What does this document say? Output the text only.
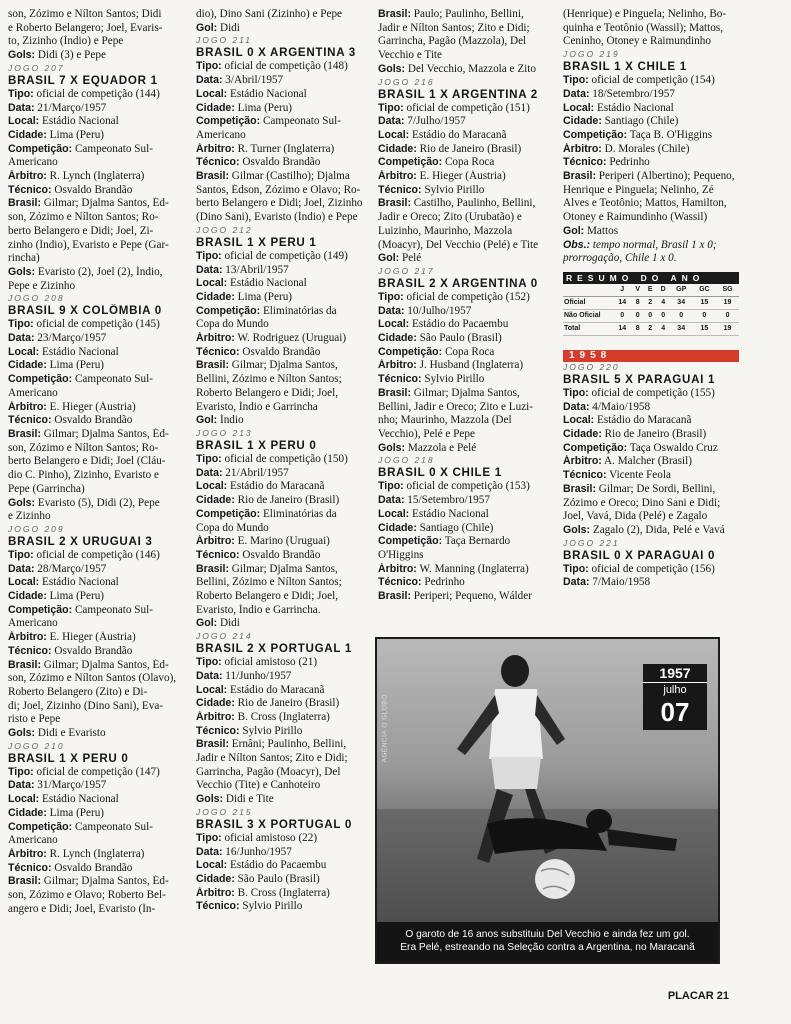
son, Zózimo e Nílton Santos; Didi
e Roberto Belangero; Joel, Evaris-
to, Zizinho (Índio) e Pepe
Gols: Didi (3) e Pepe
JOGO 207
BRASIL 7 X EQUADOR 1
Tipo: oficial de competição (144)
Data: 21/Março/1957
Local: Estádio Nacional
Cidade: Lima (Peru)
Competição: Campeonato Sul-
Americano
Árbitro: R. Lynch (Inglaterra)
Técnico: Osvaldo Brandão
Brasil: Gilmar; Djalma Santos, Éd-
son, Zózimo e Nílton Santos; Ro-
berto Belangero e Didi; Joel, Zi-
zinho (Índio), Evaristo e Pepe (Gar-
rincha)
Gols: Evaristo (2), Joel (2), Índio,
Pepe e Zizinho
JOGO 208
BRASIL 9 X COLÔMBIA 0
Tipo: oficial de competição (145)
Data: 23/Março/1957
Local: Estádio Nacional
Cidade: Lima (Peru)
Competição: Campeonato Sul-
Americano
Árbitro: E. Hieger (Áustria)
Técnico: Osvaldo Brandão
Brasil: Gilmar; Djalma Santos, Éd-
son, Zózimo e Nílton Santos; Ro-
berto Belangero e Didi; Joel (Cláu-
dio C. Pinho), Zizinho, Evaristo e
Pepe (Garrincha)
Gols: Evaristo (5), Didi (2), Pepe
e Zizinho
JOGO 209
BRASIL 2 X URUGUAI 3
Tipo: oficial de competição (146)
Data: 28/Março/1957
Local: Estádio Nacional
Cidade: Lima (Peru)
Competição: Campeonato Sul-
Americano
Árbitro: E. Hieger (Áustria)
Técnico: Osvaldo Brandão
Brasil: Gilmar; Djalma Santos, Éd-
son, Zózimo e Nílton Santos (Olavo),
Roberto Belangero (Zito) e Di-
di; Joel, Zizinho (Dino Sani), Eva-
risto e Pepe
Gols: Didi e Evaristo
JOGO 210
BRASIL 1 X PERU 0
Tipo: oficial de competição (147)
Data: 31/Março/1957
Local: Estádio Nacional
Cidade: Lima (Peru)
Competição: Campeonato Sul-
Americano
Árbitro: R. Lynch (Inglaterra)
Técnico: Osvaldo Brandão
Brasil: Gilmar; Djalma Santos, Éd-
son, Zózimo e Olavo; Roberto Bel-
angero e Didi; Joel, Evaristo (Ín-
dio), Dino Sani (Zizinho) e Pepe
Gol: Didi
JOGO 211
BRASIL 0 X ARGENTINA 3
Tipo: oficial de competição (148)
Data: 3/Abril/1957
Local: Estádio Nacional
Cidade: Lima (Peru)
Competição: Campeonato Sul-
Americano
Árbitro: R. Turner (Inglaterra)
Técnico: Osvaldo Brandão
Brasil: Gilmar (Castilho); Djalma
Santos, Édson, Zózimo e Olavo; Ro-
berto Belangero e Didi; Joel, Zizinho
(Dino Sani), Evaristo (Índio) e Pepe
JOGO 212
BRASIL 1 X PERU 1
Tipo: oficial de competição (149)
Data: 13/Abril/1957
Local: Estádio Nacional
Cidade: Lima (Peru)
Competição: Eliminatórias da
Copa do Mundo
Árbitro: W. Rodriguez (Uruguai)
Técnico: Osvaldo Brandão
Brasil: Gilmar; Djalma Santos,
Bellini, Zózimo e Nílton Santos;
Roberto Belangero e Didi; Joel,
Evaristo, Índio e Garrincha
Gol: Índio
JOGO 213
BRASIL 1 X PERU 0
Tipo: oficial de competição (150)
Data: 21/Abril/1957
Local: Estádio do Maracanã
Cidade: Rio de Janeiro (Brasil)
Competição: Eliminatórias da
Copa do Mundo
Árbitro: E. Marino (Uruguai)
Técnico: Osvaldo Brandão
Brasil: Gilmar; Djalma Santos,
Bellini, Zózimo e Nílton Santos;
Roberto Belangero e Didi; Joel,
Evaristo, Índio e Garrincha.
Gol: Didi
JOGO 214
BRASIL 2 X PORTUGAL 1
Tipo: oficial amistoso (21)
Data: 11/Junho/1957
Local: Estádio do Maracanã
Cidade: Rio de Janeiro (Brasil)
Árbitro: B. Cross (Inglaterra)
Técnico: Sylvio Pirillo
Brasil: Ernâni; Paulinho, Bellini,
Jadir e Nílton Santos; Zito e Didi;
Garrincha, Pagão (Moacyr), Del
Vecchio (Tite) e Canhoteiro
Gols: Didi e Tite
JOGO 215
BRASIL 3 X PORTUGAL 0
Tipo: oficial amistoso (22)
Data: 16/Junho/1957
Local: Estádio do Pacaembu
Cidade: São Paulo (Brasil)
Árbitro: B. Cross (Inglaterra)
Técnico: Sylvio Pirillo
Brasil: Paulo; Paulinho, Bellini,
Jadir e Nílton Santos; Zito e Didi;
Garrincha, Pagão (Mazzola), Del
Vecchio e Tite
Gols: Del Vecchio, Mazzola e Zito
JOGO 216
BRASIL 1 X ARGENTINA 2
Tipo: oficial de competição (151)
Data: 7/Julho/1957
Local: Estádio do Maracanã
Cidade: Rio de Janeiro (Brasil)
Competição: Copa Roca
Árbitro: E. Hieger (Áustria)
Técnico: Sylvio Pirillo
Brasil: Castilho, Paulinho, Bellini,
Jadir e Oreco; Zito (Urubatão) e
Luizinho, Maurinho, Mazzola
(Moacyr), Del Vecchio (Pelé) e Tite
Gol: Pelé
JOGO 217
BRASIL 2 X ARGENTINA 0
Tipo: oficial de competição (152)
Data: 10/Julho/1957
Local: Estádio do Pacaembu
Cidade: São Paulo (Brasil)
Competição: Copa Roca
Árbitro: J. Husband (Inglaterra)
Técnico: Sylvio Pirillo
Brasil: Gilmar; Djalma Santos,
Bellini, Jadir e Oreco; Zito e Luzi-
nho; Maurinho, Mazzola (Del
Vecchio), Pelé e Pepe
Gols: Mazzola e Pelé
JOGO 218
BRASIL 0 X CHILE 1
Tipo: oficial de competição (153)
Data: 15/Setembro/1957
Local: Estádio Nacional
Cidade: Santiago (Chile)
Competição: Taça Bernardo
O'Higgins
Árbitro: W. Manning (Inglaterra)
Técnico: Pedrinho
Brasil: Periperi; Pequeno, Wálder
(Henrique) e Pinguela; Nelinho, Bo-
quinha e Teotônio (Wassil); Mattos,
Ceninho, Otoney e Raimundinho
JOGO 219
BRASIL 1 X CHILE 1
Tipo: oficial de competição (154)
Data: 18/Setembro/1957
Local: Estádio Nacional
Cidade: Santiago (Chile)
Competição: Taça B. O'Higgins
Árbitro: D. Morales (Chile)
Técnico: Pedrinho
Brasil: Periperi (Albertino); Pequeno,
Henrique e Pinguela; Nelinho, Zé
Alves e Teotônio; Mattos, Hamilton,
Otoney e Raimundinho (Wassil)
Gol: Mattos
Obs.: tempo normal, Brasil 1 x 0;
prorrogação, Chile 1 x 0.
RESUMO DO ANO
	J	V	E	D	GP	GC	SG
Oficial	14	8	2	4	34	15	19
Não Oficial	0	0	0	0	0	0	0
Total	14	8	2	4	34	15	19
1958
JOGO 220
BRASIL 5 X PARAGUAI 1
Tipo: oficial de competição (155)
Data: 4/Maio/1958
Local: Estádio do Maracanã
Cidade: Rio de Janeiro (Brasil)
Competição: Taça Oswaldo Cruz
Árbitro: A. Malcher (Brasil)
Técnico: Vicente Feola
Brasil: Gilmar; De Sordi, Bellini,
Zózimo e Oreco; Dino Sani e Didi;
Joel, Vavá, Dida (Pelé) e Zagalo
Gols: Zagalo (2), Dida, Pelé e Vavá
JOGO 221
BRASIL 0 X PARAGUAI 0
Tipo: oficial de competição (156)
Data: 7/Maio/1958
AGÊNCIA O GLOBO
1957
julho
07
O garoto de 16 anos substituiu Del Vecchio e ainda fez um gol.
Era Pelé, estreando na Seleção contra a Argentina, no Maracanã
PLACAR 21
